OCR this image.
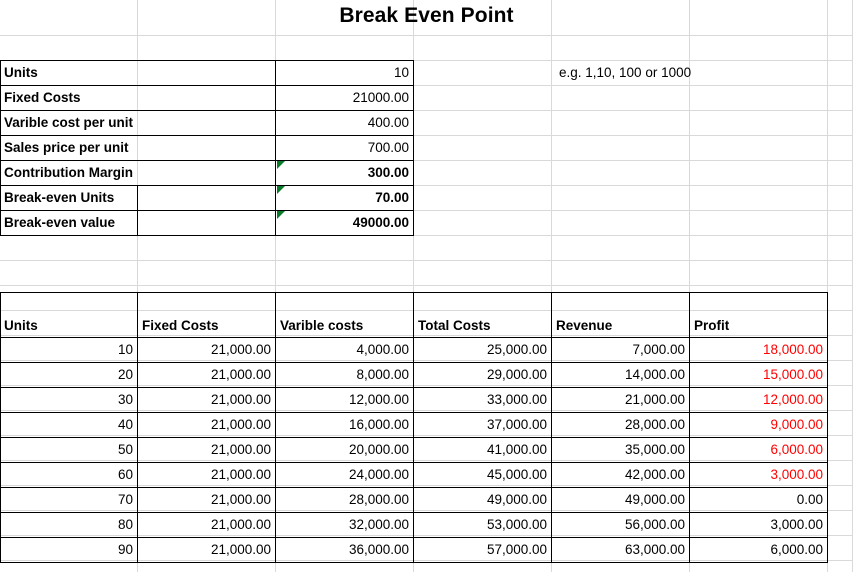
Break Even Point
Units	10
Fixed Costs	21000.00
Varible cost per unit	400.00
Sales price per unit	700.00
Contribution Margin	300.00
Break-even Units	70.00
Break-even value	49000.00
e.g. 1,10, 100 or 1000
Units	Fixed Costs	Varible costs	Total Costs	Revenue	Profit
10	21,000.00	4,000.00	25,000.00	7,000.00	18,000.00
20	21,000.00	8,000.00	29,000.00	14,000.00	15,000.00
30	21,000.00	12,000.00	33,000.00	21,000.00	12,000.00
40	21,000.00	16,000.00	37,000.00	28,000.00	9,000.00
50	21,000.00	20,000.00	41,000.00	35,000.00	6,000.00
60	21,000.00	24,000.00	45,000.00	42,000.00	3,000.00
70	21,000.00	28,000.00	49,000.00	49,000.00	0.00
80	21,000.00	32,000.00	53,000.00	56,000.00	3,000.00
90	21,000.00	36,000.00	57,000.00	63,000.00	6,000.00
